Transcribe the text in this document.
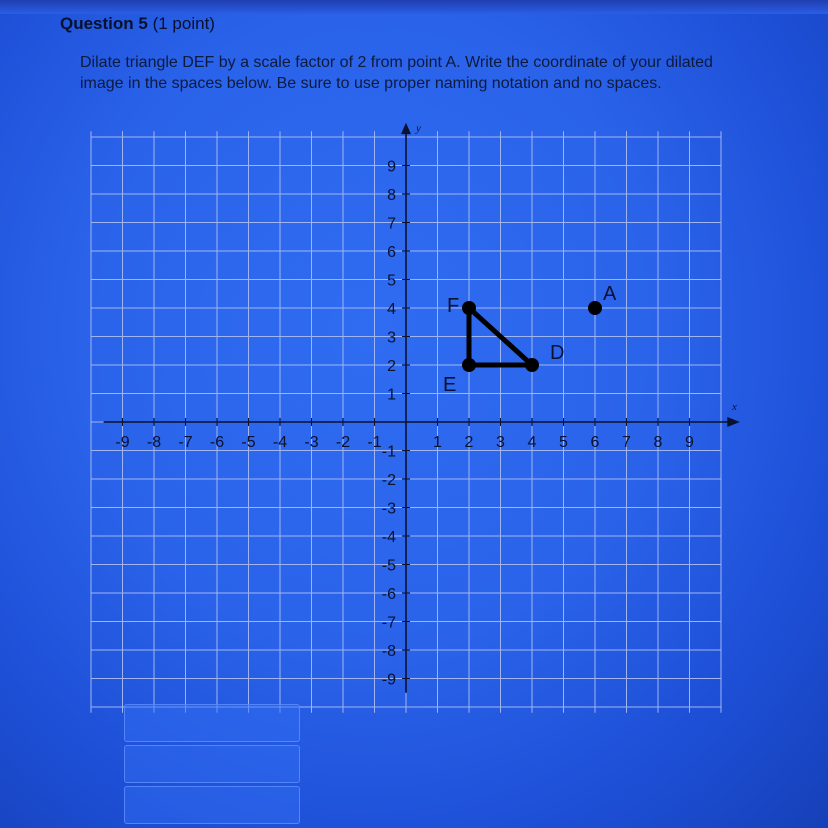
Question 5 (1 point)
Dilate triangle DEF by a scale factor of 2 from point A. Write the coordinate of your dilated image in the spaces below. Be sure to use proper naming notation and no spaces.
x
y
-9 -8 -7 -6 -5 -4 -3 -2 -1	1 2 3 4 5 6 7 8 9
9
8
7
6
5
4
3
2
1
-1
-2
-3
-4
-5
-6
-7
-8
-9
F
E
D
A
